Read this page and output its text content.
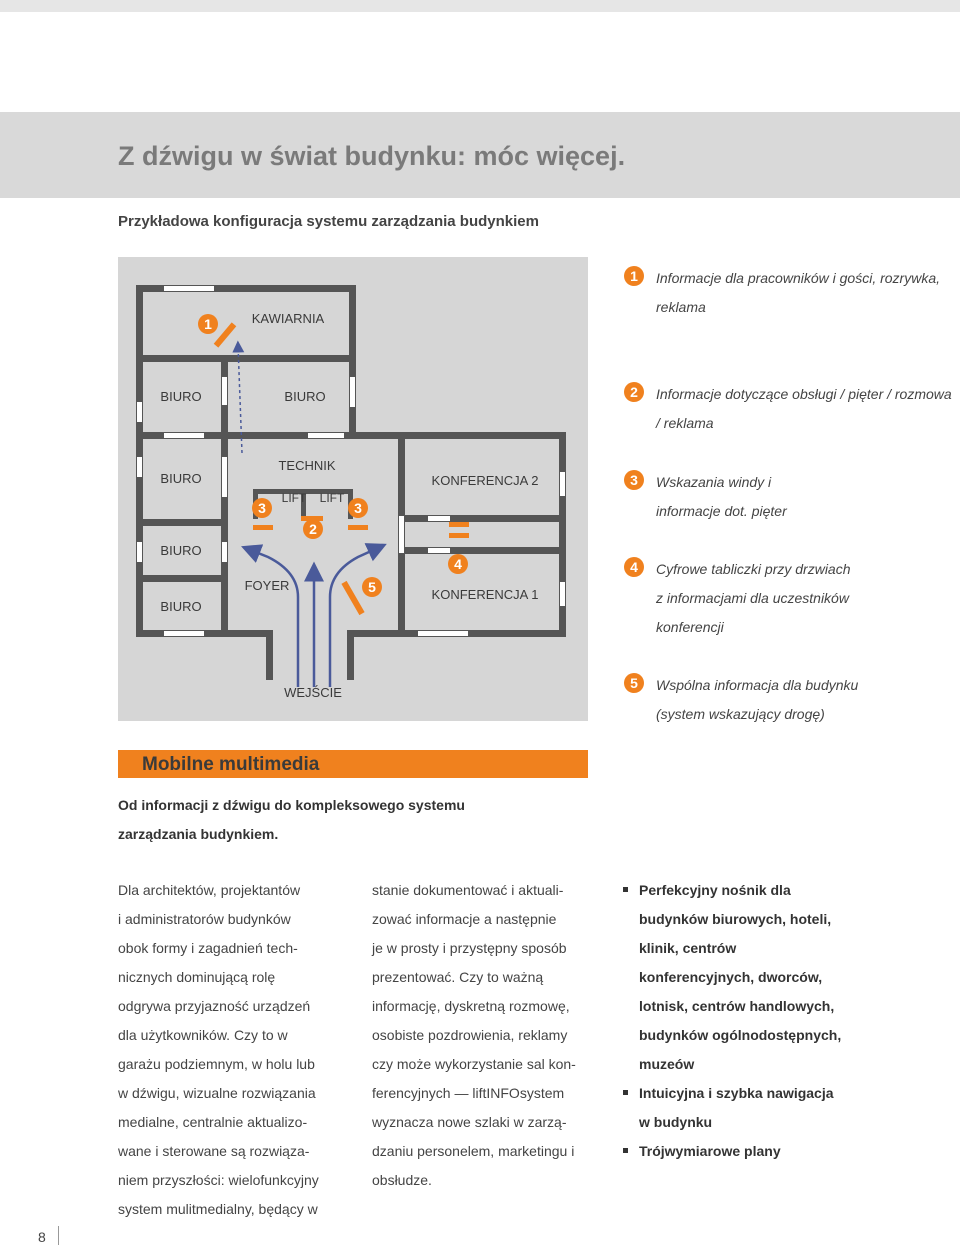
Z dźwigu w świat budynku: móc więcej.
Przykładowa konfiguracja systemu zarządzania budynkiem
KAWIARNIA
BIURO	BIURO
BIURO
BIURO
BIURO
TECHNIK
LIFT LIFT
KONFERENCJA 2
KONFERENCJA 1
FOYER
WEJŚCIE
1
2
3	3
4
5
1	Informacje dla pracowników i gości, rozrywka, reklama
2	Informacje dotyczące obsługi / pięter / rozmowa / reklama
3	Wskazania windy i informacje dot. pięter
4	Cyfrowe tabliczki przy drzwiach z informacjami dla uczestników konferencji
5	Wspólna informacja dla budynku (system wskazujący drogę)
Mobilne multimedia
Od informacji z dźwigu do kompleksowego systemu zarządzania budynkiem.

Dla architektów, projektantów

i administratorów budynków

obok formy i zagadnień tech-

nicznych dominującą rolę

odgrywa przyjazność urządzeń

dla użytkowników. Czy to w

garażu podziemnym, w holu lub

w dźwigu, wizualne rozwiązania

medialne, centralnie aktualizo-

wane i sterowane są rozwiąza-

niem przyszłości: wielofunkcyjny

system mulitmedialny, będący w

stanie dokumentować i aktuali-

zować informacje a następnie

je w prosty i przystępny sposób

prezentować. Czy to ważną

informację, dyskretną rozmowę,

osobiste pozdrowienia, reklamy

czy może wykorzystanie sal kon-

ferencyjnych — liftINFOsystem

wyznacza nowe szlaki w zarzą-

dzaniu personelem, marketingu i

obsłudze.

Perfekcyjny nośnik dla

budynków biurowych, hoteli,

klinik, centrów

konferencyjnych, dworców,

lotnisk, centrów handlowych,

budynków ogólnodostępnych,

muzeów

Intuicyjna i szybka nawigacja

w budynku

Trójwymiarowe plany

8
